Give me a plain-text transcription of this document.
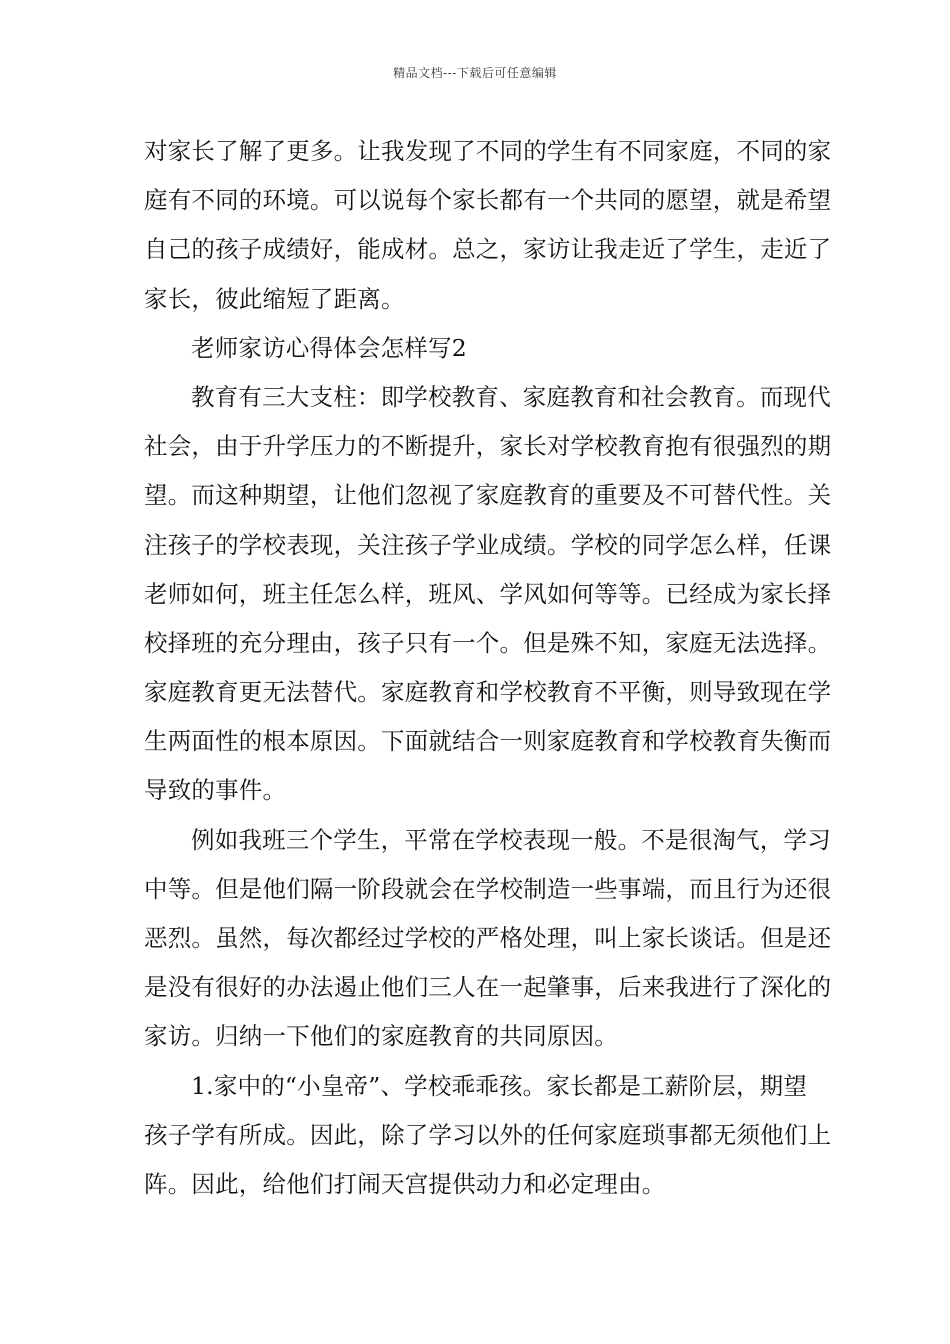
精品文档---下载后可任意编辑
对家长了解了更多。让我发现了不同的学生有不同家庭，不同的家
庭有不同的环境。可以说每个家长都有一个共同的愿望，就是希望
自己的孩子成绩好，能成材。总之，家访让我走近了学生，走近了
家长，彼此缩短了距离。
老师家访心得体会怎样写2
教育有三大支柱：即学校教育、家庭教育和社会教育。而现代
社会，由于升学压力的不断提升，家长对学校教育抱有很强烈的期
望。而这种期望，让他们忽视了家庭教育的重要及不可替代性。关
注孩子的学校表现，关注孩子学业成绩。学校的同学怎么样，任课
老师如何，班主任怎么样，班风、学风如何等等。已经成为家长择
校择班的充分理由，孩子只有一个。但是殊不知，家庭无法选择。
家庭教育更无法替代。家庭教育和学校教育不平衡，则导致现在学
生两面性的根本原因。下面就结合一则家庭教育和学校教育失衡而
导致的事件。
例如我班三个学生，平常在学校表现一般。不是很淘气，学习
中等。但是他们隔一阶段就会在学校制造一些事端，而且行为还很
恶烈。虽然，每次都经过学校的严格处理，叫上家长谈话。但是还
是没有很好的办法遏止他们三人在一起肇事，后来我进行了深化的
家访。归纳一下他们的家庭教育的共同原因。
1.家中的“小皇帝”、学校乖乖孩。家长都是工薪阶层，期望
孩子学有所成。因此，除了学习以外的任何家庭琐事都无须他们上
阵。因此，给他们打闹天宫提供动力和必定理由。
